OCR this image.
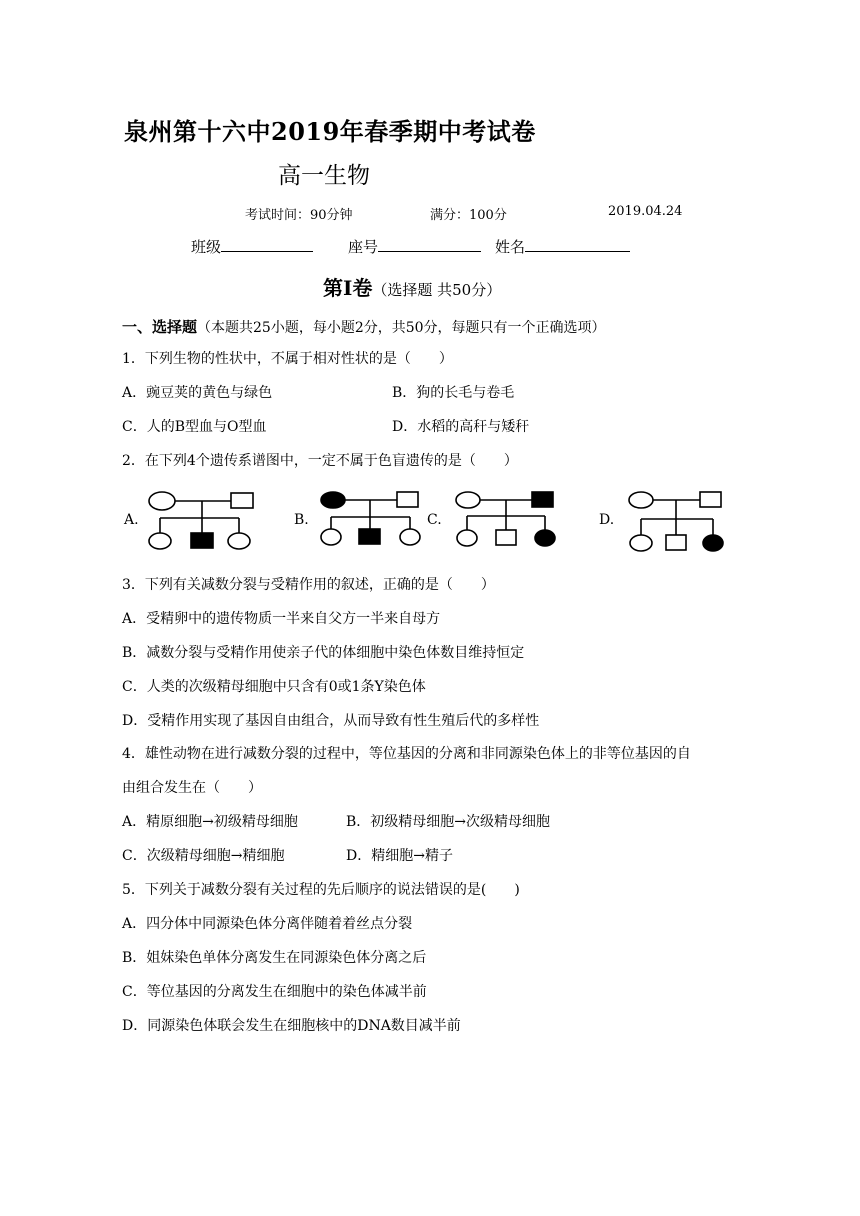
泉州第十六中2019年春季期中考试卷
高一生物
考试时间：90分钟	满分：100分	2019.04.24
班级	座号	姓名
第Ⅰ卷（选择题 共50分）
一、选择题（本题共25小题，每小题2分，共50分，每题只有一个正确选项）
1．下列生物的性状中，不属于相对性状的是（　　）
A．豌豆荚的黄色与绿色	B．狗的长毛与卷毛
C．人的B型血与O型血	D．水稻的高秆与矮秆
2．在下列4个遗传系谱图中，一定不属于色盲遗传的是（　　）
A.	B.	C.	D.
3．下列有关减数分裂与受精作用的叙述，正确的是（　　）
A．受精卵中的遗传物质一半来自父方一半来自母方
B．减数分裂与受精作用使亲子代的体细胞中染色体数目维持恒定
C．人类的次级精母细胞中只含有0或1条Y染色体
D．受精作用实现了基因自由组合，从而导致有性生殖后代的多样性
4．雄性动物在进行减数分裂的过程中，等位基因的分离和非同源染色体上的非等位基因的自
由组合发生在（　　）
A．精原细胞→初级精母细胞	B．初级精母细胞→次级精母细胞
C．次级精母细胞→精细胞	D．精细胞→精子
5．下列关于减数分裂有关过程的先后顺序的说法错误的是(　　)
A．四分体中同源染色体分离伴随着着丝点分裂
B．姐妹染色单体分离发生在同源染色体分离之后
C．等位基因的分离发生在细胞中的染色体减半前
D．同源染色体联会发生在细胞核中的DNA数目减半前
